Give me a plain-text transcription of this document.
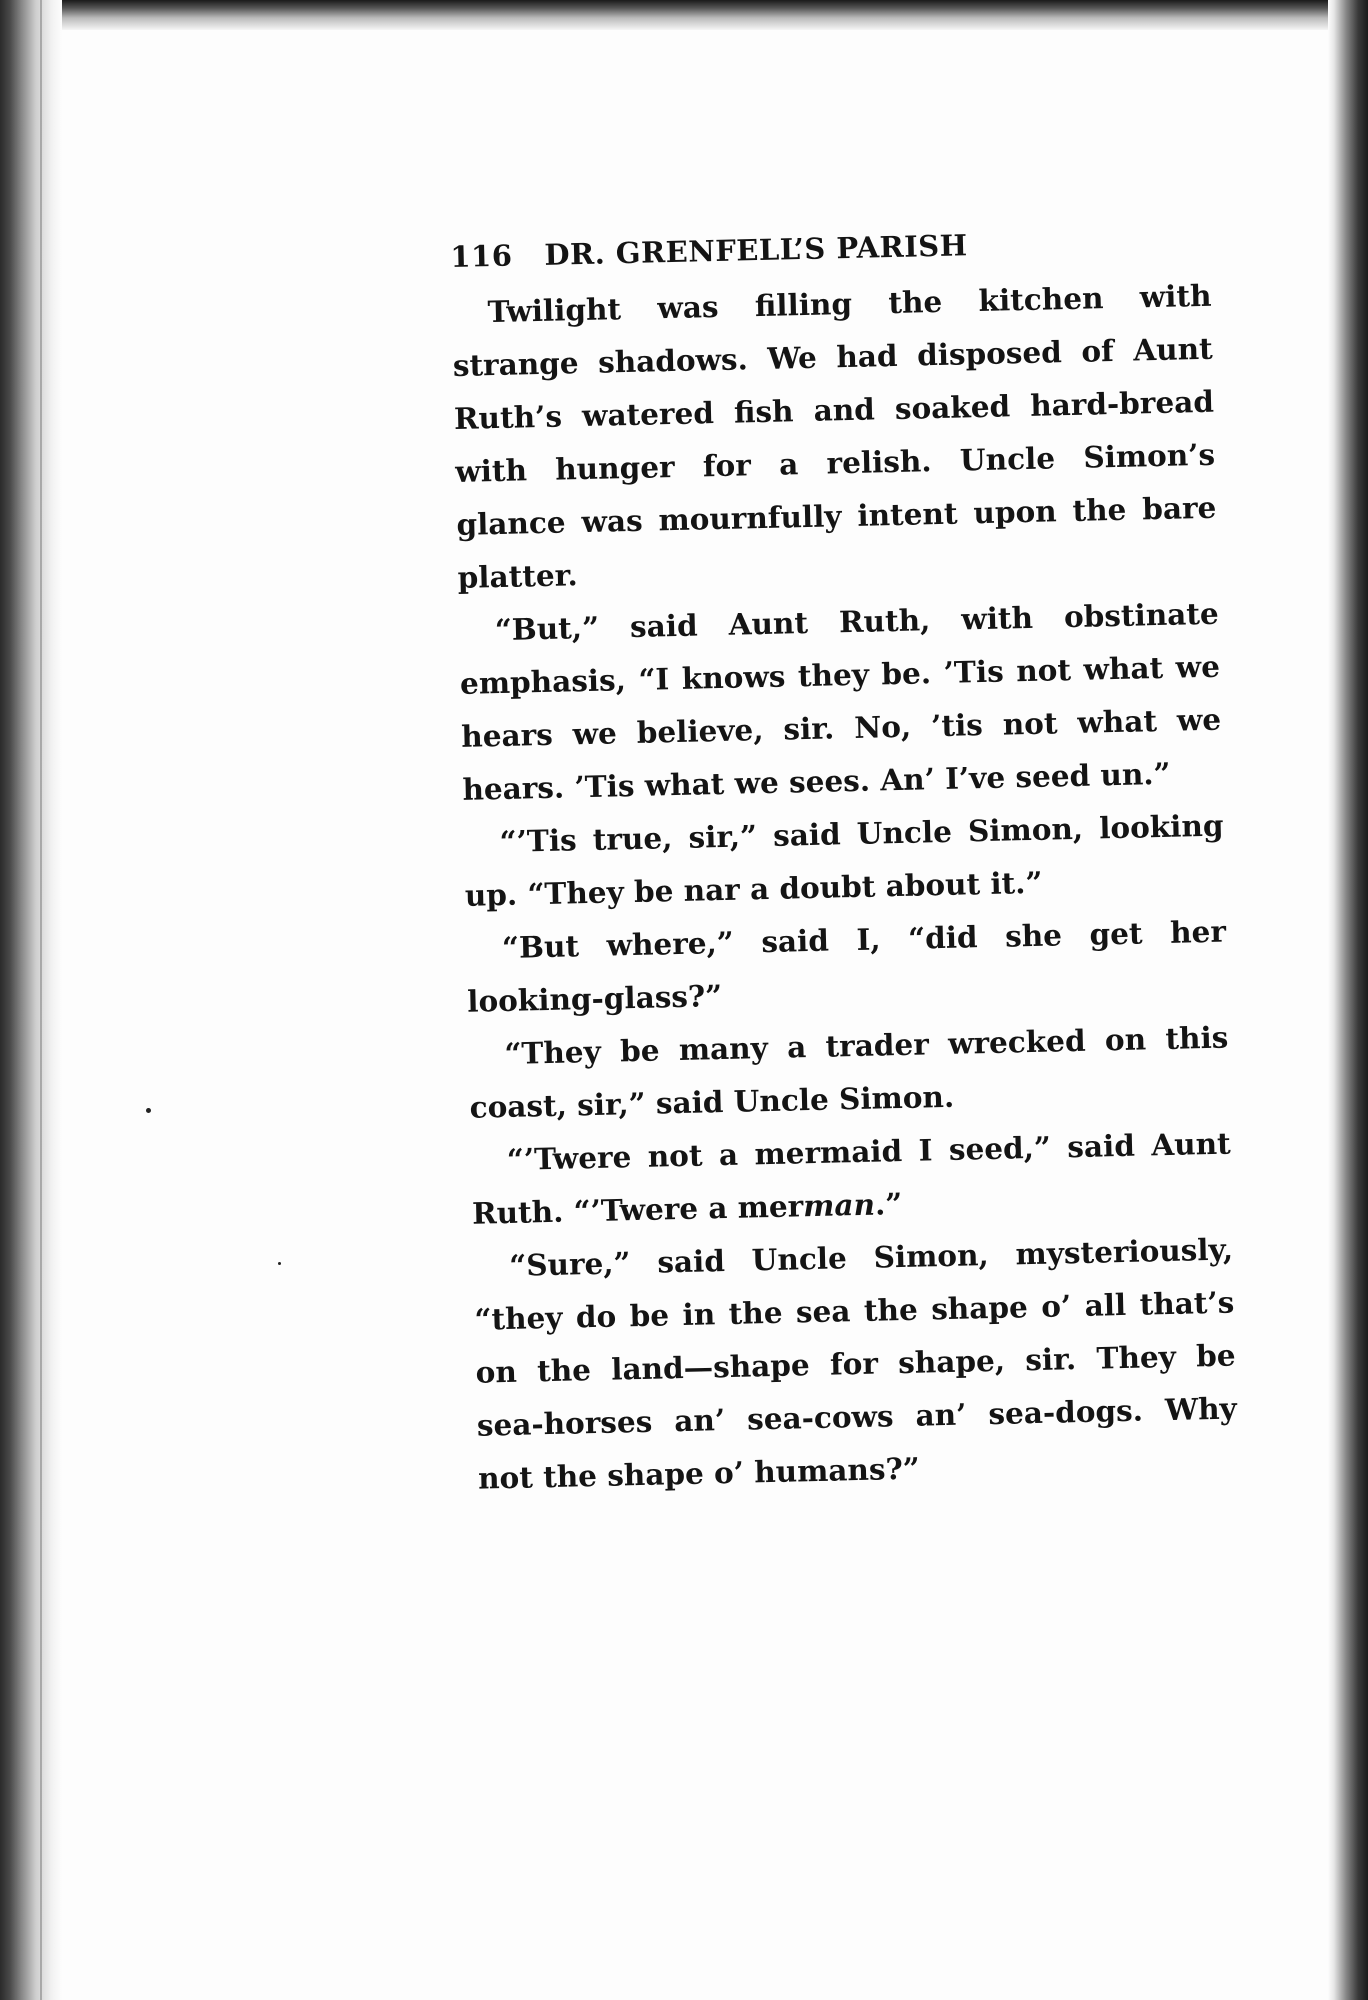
116 DR. GRENFELL’S PARISH

Twilight was filling the kitchen with strange shadows. We had disposed of Aunt Ruth’s watered fish and soaked hard-bread with hunger for a relish. Uncle Simon’s glance was mournfully intent upon the bare platter.

“But,” said Aunt Ruth, with obstinate emphasis, “I knows they be. ’Tis not what we hears we believe, sir. No, ’tis not what we hears. ’Tis what we sees. An’ I’ve seed un.”

“’Tis true, sir,” said Uncle Simon, looking up. “They be nar a doubt about it.”

“But where,” said I, “did she get her looking-glass?”

“They be many a trader wrecked on this coast, sir,” said Uncle Simon.

“’Twere not a mermaid I seed,” said Aunt Ruth. “’Twere a merman.”

“Sure,” said Uncle Simon, mysteriously, “they do be in the sea the shape o’ all that’s on the land—shape for shape, sir. They be sea-horses an’ sea-cows an’ sea-dogs. Why not the shape o’ humans?”
